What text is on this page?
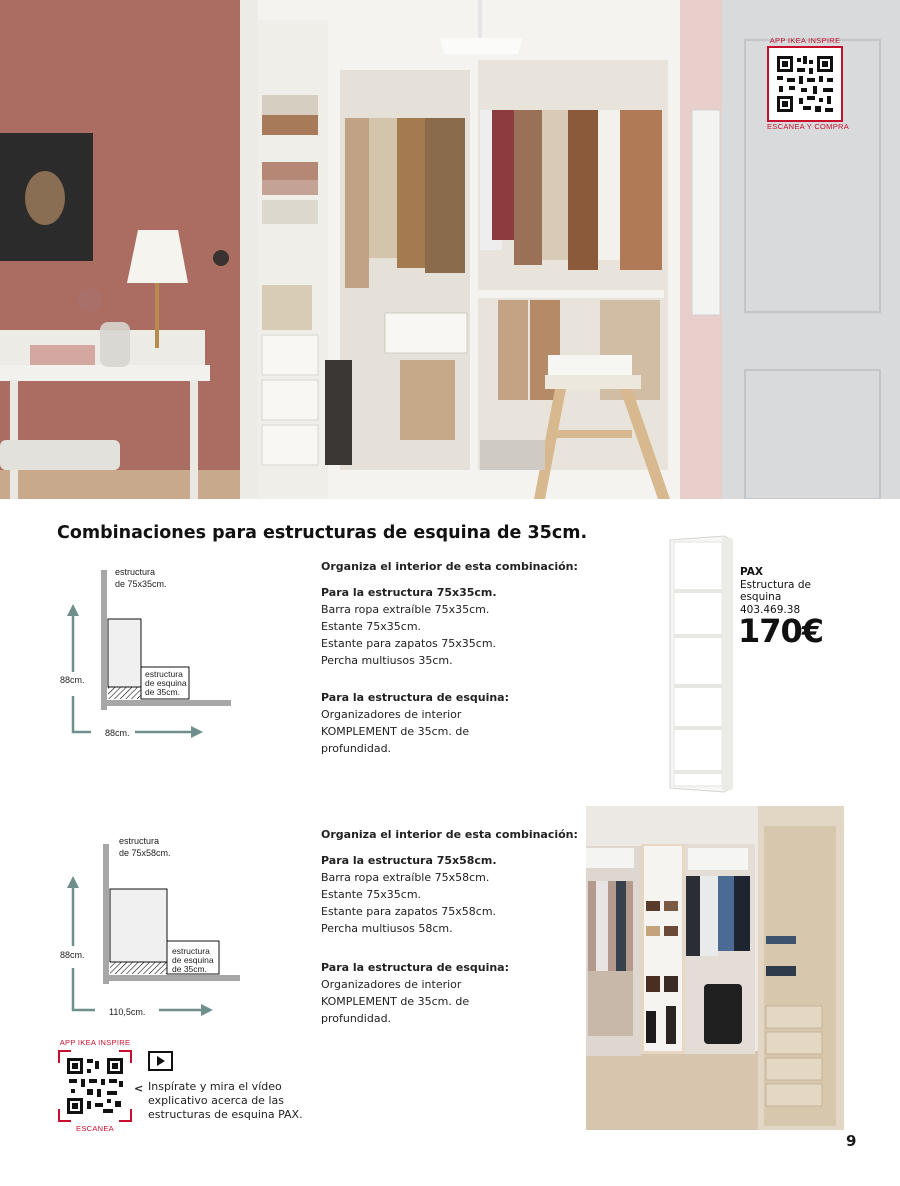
APP IKEA INSPIRE
ESCANEA Y COMPRA
Combinaciones para estructuras de esquina de 35cm.
estructura
de 75x35cm.
estructura
de esquina
de 35cm.
88cm.
88cm.
Organiza el interior de esta combinación:
Para la estructura 75x35cm.
Barra ropa extraíble 75x35cm.
Estante 75x35cm.
Estante para zapatos 75x35cm.
Percha multiusos 35cm.
Para la estructura de esquina:
Organizadores de interior
KOMPLEMENT de 35cm. de
profundidad.
PAX
Estructura de
esquina
403.469.38
170€
estructura
de 75x58cm.
estructura
de esquina
de 35cm.
88cm.
110,5cm.
Organiza el interior de esta combinación:
Para la estructura 75x58cm.
Barra ropa extraíble 75x58cm.
Estante 75x35cm.
Estante para zapatos 75x58cm.
Percha multiusos 58cm.
Para la estructura de esquina:
Organizadores de interior
KOMPLEMENT de 35cm. de
profundidad.
APP IKEA INSPIRE
ESCANEA
< Inspírate y mira el vídeo
explicativo acerca de las
estructuras de esquina PAX.
9
